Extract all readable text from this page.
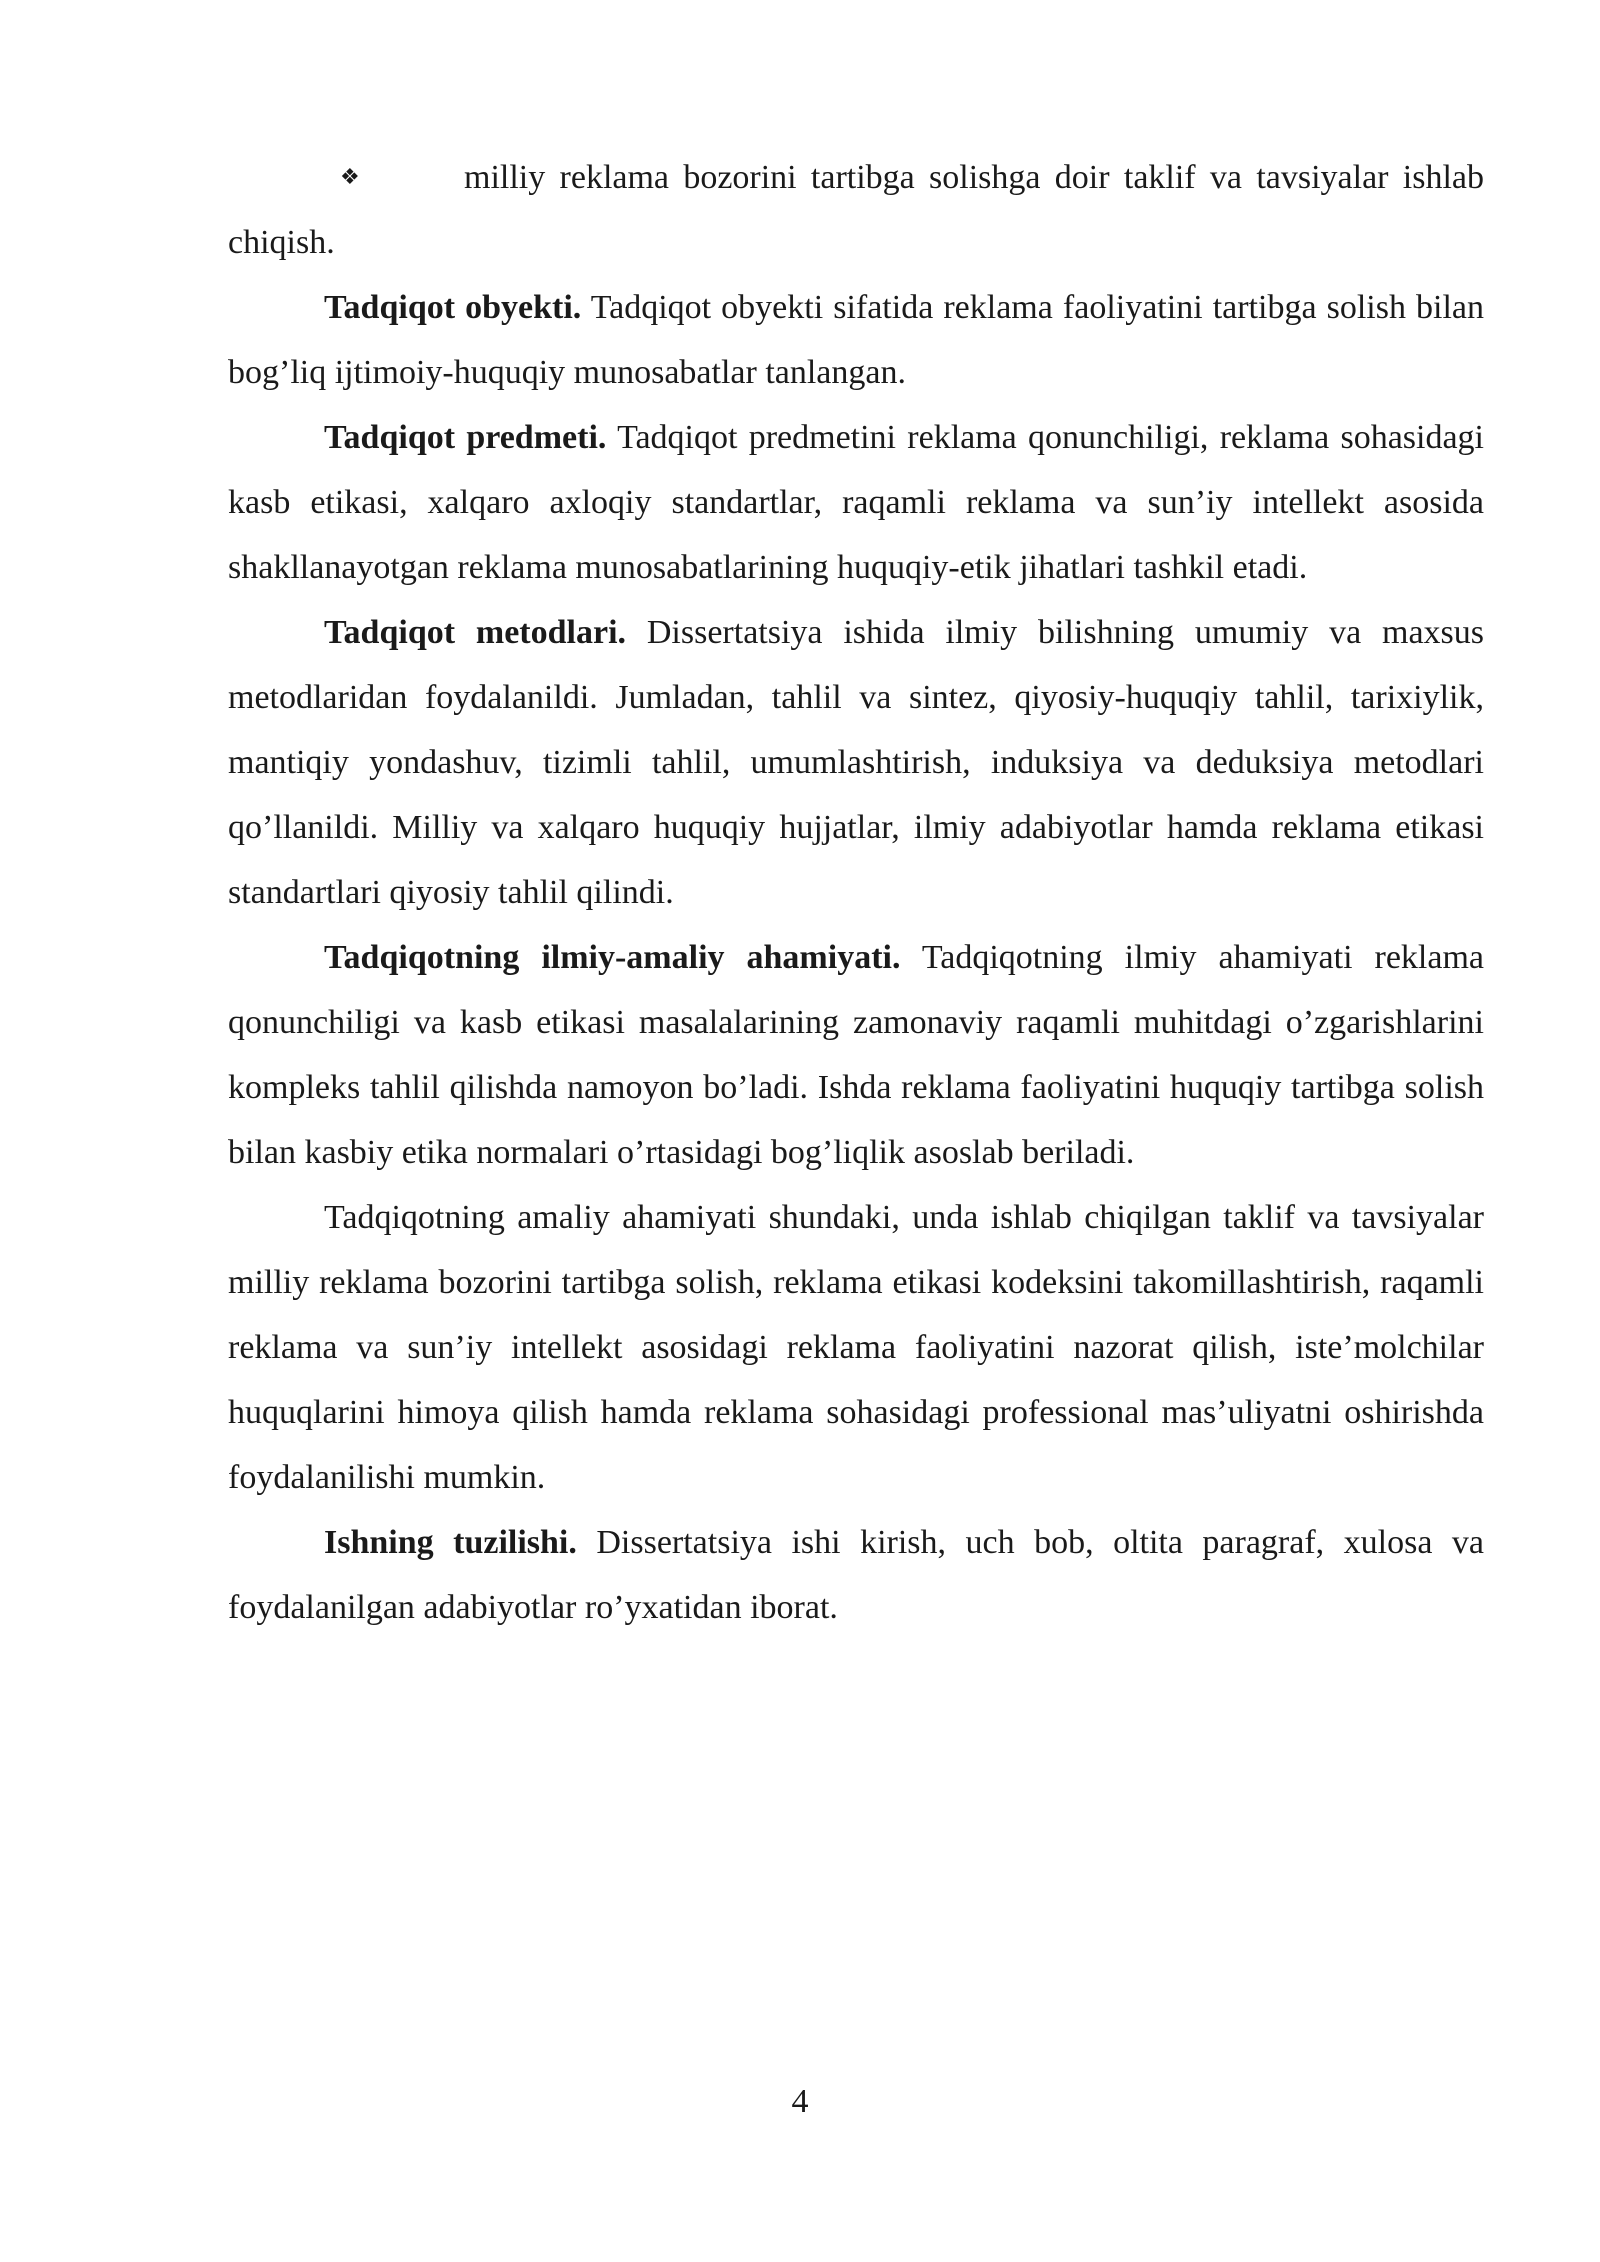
❖	milliy reklama bozorini tartibga solishga doir taklif va tavsiyalar ishlab chiqish.

Tadqiqot obyekti. Tadqiqot obyekti sifatida reklama faoliyatini tartibga solish bilan bog’liq ijtimoiy-huquqiy munosabatlar tanlangan.

Tadqiqot predmeti. Tadqiqot predmetini reklama qonunchiligi, reklama sohasidagi kasb etikasi, xalqaro axloqiy standartlar, raqamli reklama va sun’iy intellekt asosida shakllanayotgan reklama munosabatlarining huquqiy-etik jihatlari tashkil etadi.

Tadqiqot metodlari. Dissertatsiya ishida ilmiy bilishning umumiy va maxsus metodlaridan foydalanildi. Jumladan, tahlil va sintez, qiyosiy-huquqiy tahlil, tarixiylik, mantiqiy yondashuv, tizimli tahlil, umumlashtirish, induksiya va deduksiya metodlari qo’llanildi. Milliy va xalqaro huquqiy hujjatlar, ilmiy adabiyotlar hamda reklama etikasi standartlari qiyosiy tahlil qilindi.

Tadqiqotning ilmiy-amaliy ahamiyati. Tadqiqotning ilmiy ahamiyati reklama qonunchiligi va kasb etikasi masalalarining zamonaviy raqamli muhitdagi o’zgarishlarini kompleks tahlil qilishda namoyon bo’ladi. Ishda reklama faoliyatini huquqiy tartibga solish bilan kasbiy etika normalari o’rtasidagi bog’liqlik asoslab beriladi.

Tadqiqotning amaliy ahamiyati shundaki, unda ishlab chiqilgan taklif va tavsiyalar milliy reklama bozorini tartibga solish, reklama etikasi kodeksini takomillashtirish, raqamli reklama va sun’iy intellekt asosidagi reklama faoliyatini nazorat qilish, iste’molchilar huquqlarini himoya qilish hamda reklama sohasidagi professional mas’uliyatni oshirishda foydalanilishi mumkin.

Ishning tuzilishi. Dissertatsiya ishi kirish, uch bob, oltita paragraf, xulosa va foydalanilgan adabiyotlar ro’yxatidan iborat.

4
